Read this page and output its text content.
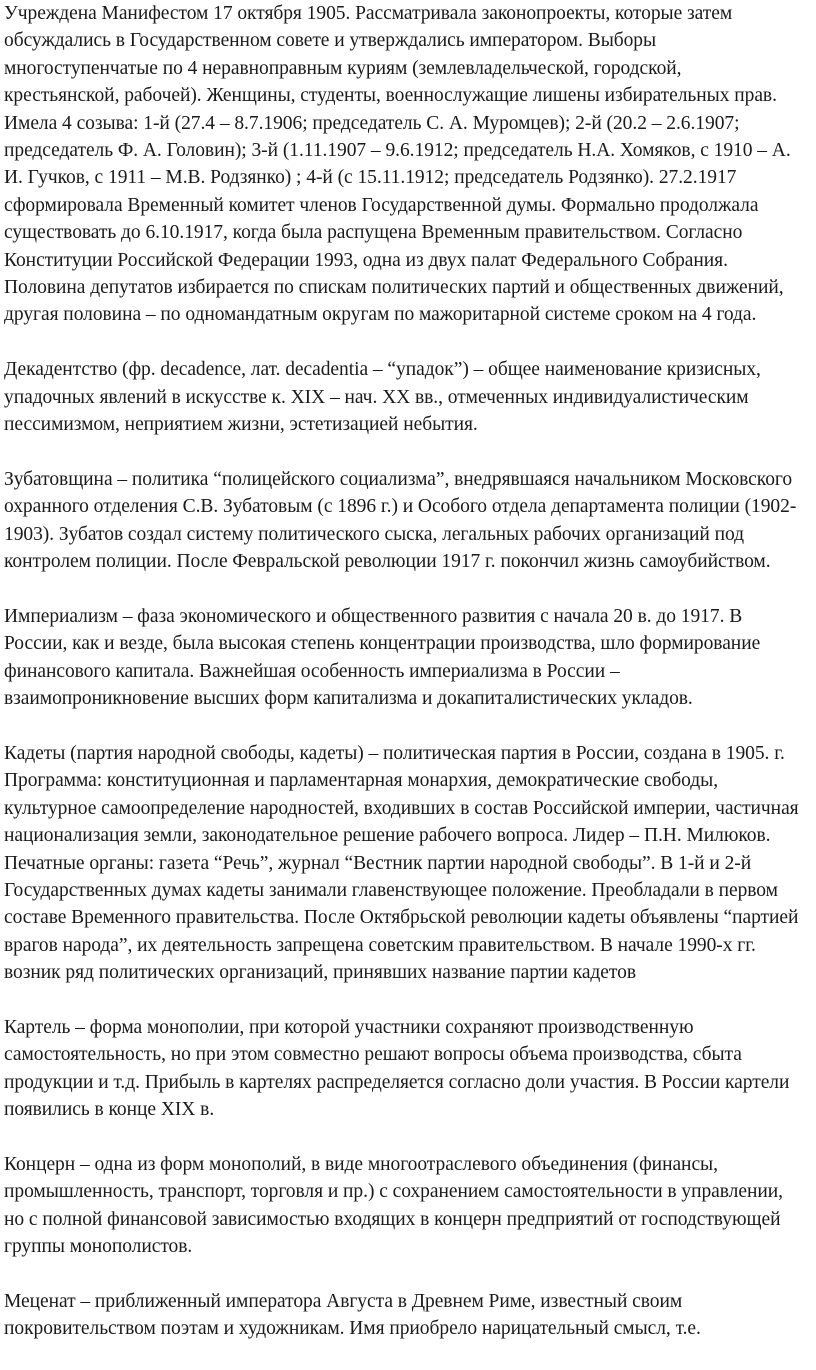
Учреждена Манифестом 17 октября 1905. Рассматривала законопроекты, которые затем
обсуждались в Государственном совете и утверждались императором. Выборы
многоступенчатые по 4 неравноправным куриям (землевладельческой, городской,
крестьянской, рабочей). Женщины, студенты, военнослужащие лишены избирательных прав.
Имела 4 созыва: 1-й (27.4 – 8.7.1906; председатель С. А. Муромцев); 2-й (20.2 – 2.6.1907;
председатель Ф. А. Головин); 3-й (1.11.1907 – 9.6.1912; председатель Н.А. Хомяков, с 1910 – А.
И. Гучков, с 1911 – М.В. Родзянко) ; 4-й (с 15.11.1912; председатель Родзянко). 27.2.1917
сформировала Временный комитет членов Государственной думы. Формально продолжала
существовать до 6.10.1917, когда была распущена Временным правительством. Согласно
Конституции Российской Федерации 1993, одна из двух палат Федерального Собрания.
Половина депутатов избирается по спискам политических партий и общественных движений,
другая половина – по одномандатным округам по мажоритарной системе сроком на 4 года.

Декадентство (фр. decadence, лат. decadentia – “упадок”) – общее наименование кризисных,
упадочных явлений в искусстве к. XIX – нач. XX вв., отмеченных индивидуалистическим
пессимизмом, неприятием жизни, эстетизацией небытия.

Зубатовщина – политика “полицейского социализма”, внедрявшаяся начальником Московского
охранного отделения С.В. Зубатовым (с 1896 г.) и Особого отдела департамента полиции (1902-
1903). Зубатов создал систему политического сыска, легальных рабочих организаций под
контролем полиции. После Февральской революции 1917 г. покончил жизнь самоубийством.

Империализм – фаза экономического и общественного развития с начала 20 в. до 1917. В
России, как и везде, была высокая степень концентрации производства, шло формирование
финансового капитала. Важнейшая особенность империализма в России –
взаимопроникновение высших форм капитализма и докапиталистических укладов.

Кадеты (партия народной свободы, кадеты) – политическая партия в России, создана в 1905. г.
Программа: конституционная и парламентарная монархия, демократические свободы,
культурное самоопределение народностей, входивших в состав Российской империи, частичная
национализация земли, законодательное решение рабочего вопроса. Лидер – П.Н. Милюков.
Печатные органы: газета “Речь”, журнал “Вестник партии народной свободы”. В 1-й и 2-й
Государственных думах кадеты занимали главенствующее положение. Преобладали в первом
составе Временного правительства. После Октябрьской революции кадеты объявлены “партией
врагов народа”, их деятельность запрещена советским правительством. В начале 1990-х гг.
возник ряд политических организаций, принявших название партии кадетов

Картель – форма монополии, при которой участники сохраняют производственную
самостоятельность, но при этом совместно решают вопросы объема производства, сбыта
продукции и т.д. Прибыль в картелях распределяется согласно доли участия. В России картели
появились в конце XIX в.

Концерн – одна из форм монополий, в виде многоотраслевого объединения (финансы,
промышленность, транспорт, торговля и пр.) с сохранением самостоятельности в управлении,
но с полной финансовой зависимостью входящих в концерн предприятий от господствующей
группы монополистов.

Меценат – приближенный императора Августа в Древнем Риме, известный своим
покровительством поэтам и художникам. Имя приобрело нарицательный смысл, т.е.
